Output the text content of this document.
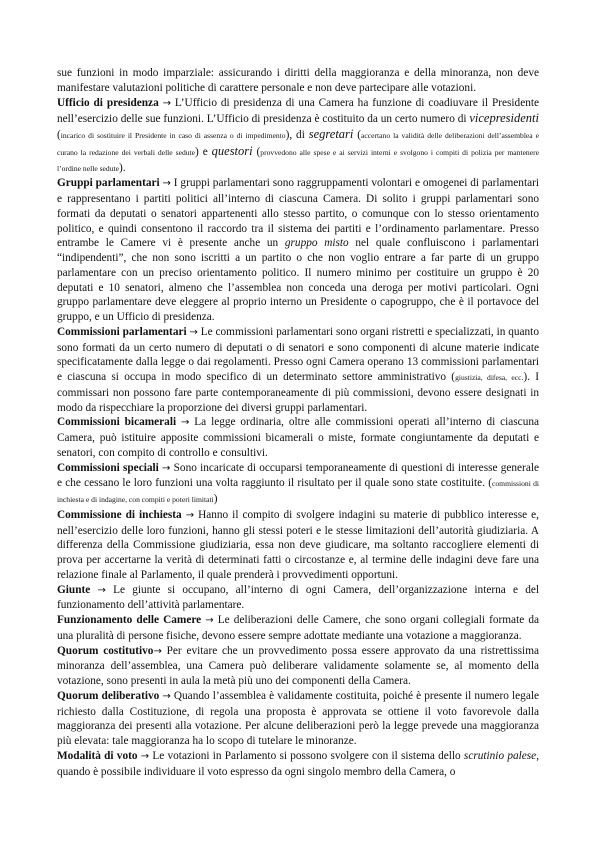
sue funzioni in modo imparziale: assicurando i diritti della maggioranza e della minoranza, non deve manifestare valutazioni politiche di carattere personale e non deve partecipare alle votazioni.

Ufficio di presidenza → L’Ufficio di presidenza di una Camera ha funzione di coadiuvare il Presidente nell’esercizio delle sue funzioni. L’Ufficio di presidenza è costituito da un certo numero di vicepresidenti (incarico di sostituire il Presidente in caso di assenza o di impedimento), di segretari (accertano la validità delle deliberazioni dell’assemblea e curano la redazione dei verbali delle sedute) e questori (provvedono alle spese e ai servizi interni e svolgono i compiti di polizia per mantenere l’ordine nelle sedute).

Gruppi parlamentari → I gruppi parlamentari sono raggruppamenti volontari e omogenei di parlamentari e rappresentano i partiti politici all’interno di ciascuna Camera. Di solito i gruppi parlamentari sono formati da deputati o senatori appartenenti allo stesso partito, o comunque con lo stesso orientamento politico, e quindi consentono il raccordo tra il sistema dei partiti e l’ordinamento parlamentare. Presso entrambe le Camere vi è presente anche un gruppo misto nel quale confluiscono i parlamentari “indipendenti”, che non sono iscritti a un partito o che non voglio entrare a far parte di un gruppo parlamentare con un preciso orientamento politico. Il numero minimo per costituire un gruppo è 20 deputati e 10 senatori, almeno che l’assemblea non conceda una deroga per motivi particolari. Ogni gruppo parlamentare deve eleggere al proprio interno un Presidente o capogruppo, che è il portavoce del gruppo, e un Ufficio di presidenza.

Commissioni parlamentari → Le commissioni parlamentari sono organi ristretti e specializzati, in quanto sono formati da un certo numero di deputati o di senatori e sono componenti di alcune materie indicate specificatamente dalla legge o dai regolamenti. Presso ogni Camera operano 13 commissioni parlamentari e ciascuna si occupa in modo specifico di un determinato settore amministrativo (giustizia, difesa, ecc.). I commissari non possono fare parte contemporaneamente di più commissioni, devono essere designati in modo da rispecchiare la proporzione dei diversi gruppi parlamentari.

Commissioni bicamerali → La legge ordinaria, oltre alle commissioni operati all’interno di ciascuna Camera, può istituire apposite commissioni bicamerali o miste, formate congiuntamente da deputati e senatori, con compito di controllo e consultivi.

Commissioni speciali → Sono incaricate di occuparsi temporaneamente di questioni di interesse generale e che cessano le loro funzioni una volta raggiunto il risultato per il quale sono state costituite. (commissioni di inchiesta e di indagine, con compiti e poteri limitati)

Commissione di inchiesta → Hanno il compito di svolgere indagini su materie di pubblico interesse e, nell’esercizio delle loro funzioni, hanno gli stessi poteri e le stesse limitazioni dell’autorità giudiziaria. A differenza della Commissione giudiziaria, essa non deve giudicare, ma soltanto raccogliere elementi di prova per accertarne la verità di determinati fatti o circostanze e, al termine delle indagini deve fare una relazione finale al Parlamento, il quale prenderà i provvedimenti opportuni.

Giunte → Le giunte si occupano, all’interno di ogni Camera, dell’organizzazione interna e del funzionamento dell’attività parlamentare.

Funzionamento delle Camere → Le deliberazioni delle Camere, che sono organi collegiali formate da una pluralità di persone fisiche, devono essere sempre adottate mediante una votazione a maggioranza.

Quorum costitutivo→ Per evitare che un provvedimento possa essere approvato da una ristrettissima minoranza dell’assemblea, una Camera può deliberare validamente solamente se, al momento della votazione, sono presenti in aula la metà più uno dei componenti della Camera.

Quorum deliberativo → Quando l’assemblea è validamente costituita, poiché è presente il numero legale richiesto dalla Costituzione, di regola una proposta è approvata se ottiene il voto favorevole dalla maggioranza dei presenti alla votazione. Per alcune deliberazioni però la legge prevede una maggioranza più elevata: tale maggioranza ha lo scopo di tutelare le minoranze.

Modalità di voto → Le votazioni in Parlamento si possono svolgere con il sistema dello scrutinio palese, quando è possibile individuare il voto espresso da ogni singolo membro della Camera, o
